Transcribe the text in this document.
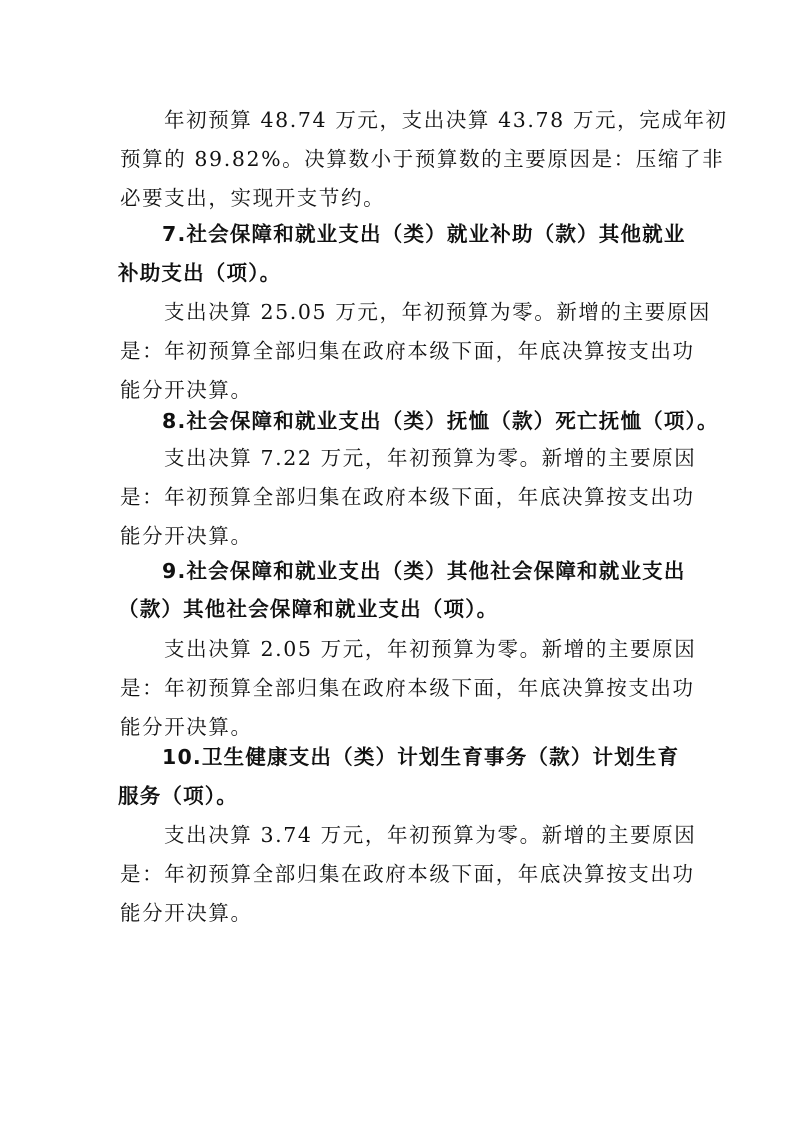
年初预算 48.74 万元，支出决算 43.78 万元，完成年初
预算的 89.82%。决算数小于预算数的主要原因是：压缩了非
必要支出，实现开支节约。
7.社会保障和就业支出（类）就业补助（款）其他就业
补助支出（项）。
支出决算 25.05 万元，年初预算为零。新增的主要原因
是：年初预算全部归集在政府本级下面，年底决算按支出功
能分开决算。
8.社会保障和就业支出（类）抚恤（款）死亡抚恤（项）。
支出决算 7.22 万元，年初预算为零。新增的主要原因
是：年初预算全部归集在政府本级下面，年底决算按支出功
能分开决算。
9.社会保障和就业支出（类）其他社会保障和就业支出
（款）其他社会保障和就业支出（项）。
支出决算 2.05 万元，年初预算为零。新增的主要原因
是：年初预算全部归集在政府本级下面，年底决算按支出功
能分开决算。
10.卫生健康支出（类）计划生育事务（款）计划生育
服务（项）。
支出决算 3.74 万元，年初预算为零。新增的主要原因
是：年初预算全部归集在政府本级下面，年底决算按支出功
能分开决算。
